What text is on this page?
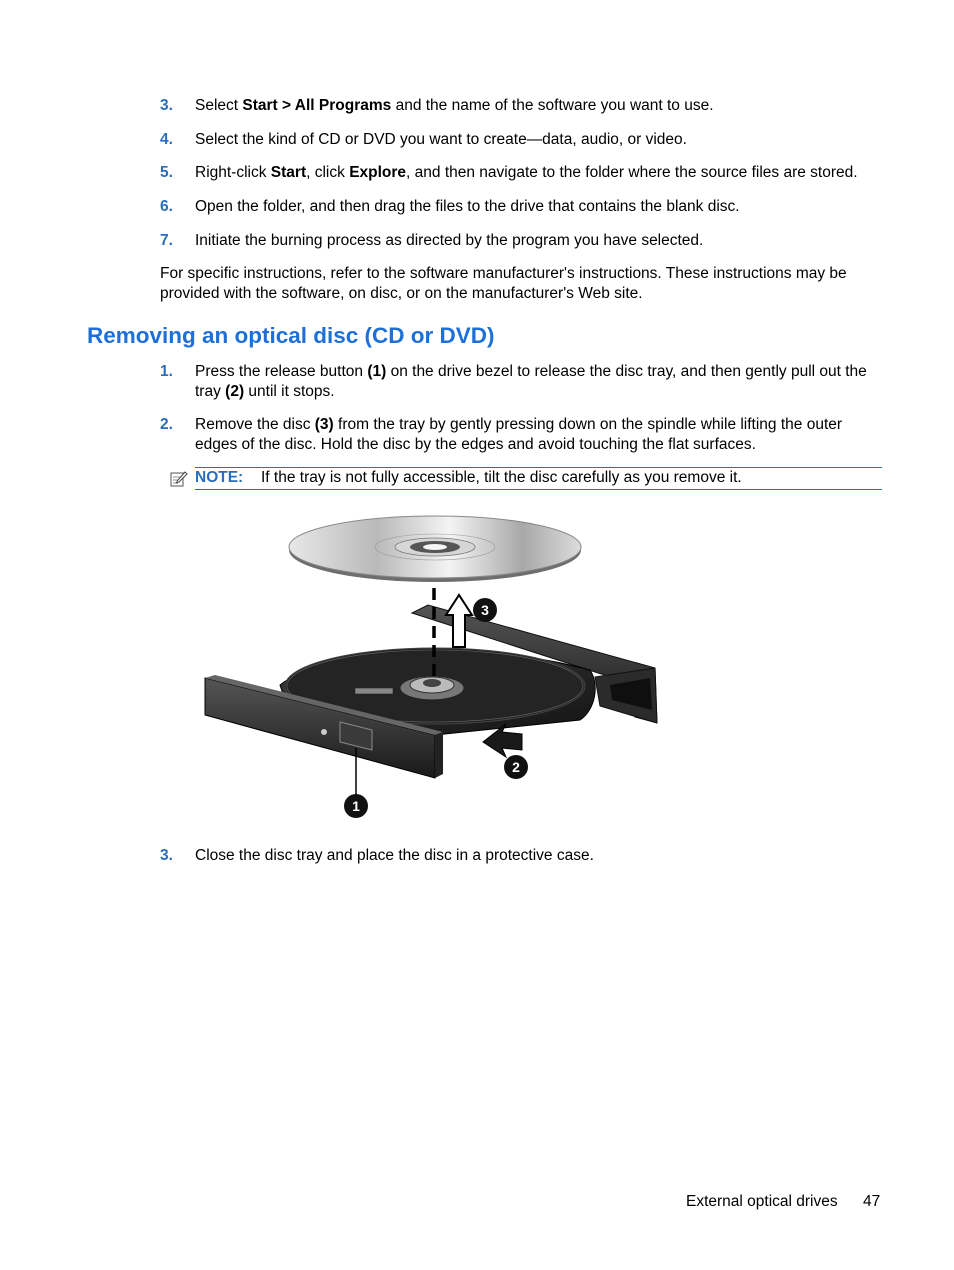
3. Select Start > All Programs and the name of the software you want to use.
4. Select the kind of CD or DVD you want to create—data, audio, or video.
5. Right-click Start, click Explore, and then navigate to the folder where the source files are stored.
6. Open the folder, and then drag the files to the drive that contains the blank disc.
7. Initiate the burning process as directed by the program you have selected.

For specific instructions, refer to the software manufacturer's instructions. These instructions may be provided with the software, on disc, or on the manufacturer's Web site.

Removing an optical disc (CD or DVD)
1. Press the release button (1) on the drive bezel to release the disc tray, and then gently pull out the tray (2) until it stops.
2. Remove the disc (3) from the tray by gently pressing down on the spindle while lifting the outer edges of the disc. Hold the disc by the edges and avoid touching the flat surfaces.
NOTE: If the tray is not fully accessible, tilt the disc carefully as you remove it.
1
2
3
3. Close the disc tray and place the disc in a protective case.
External optical drives 47
